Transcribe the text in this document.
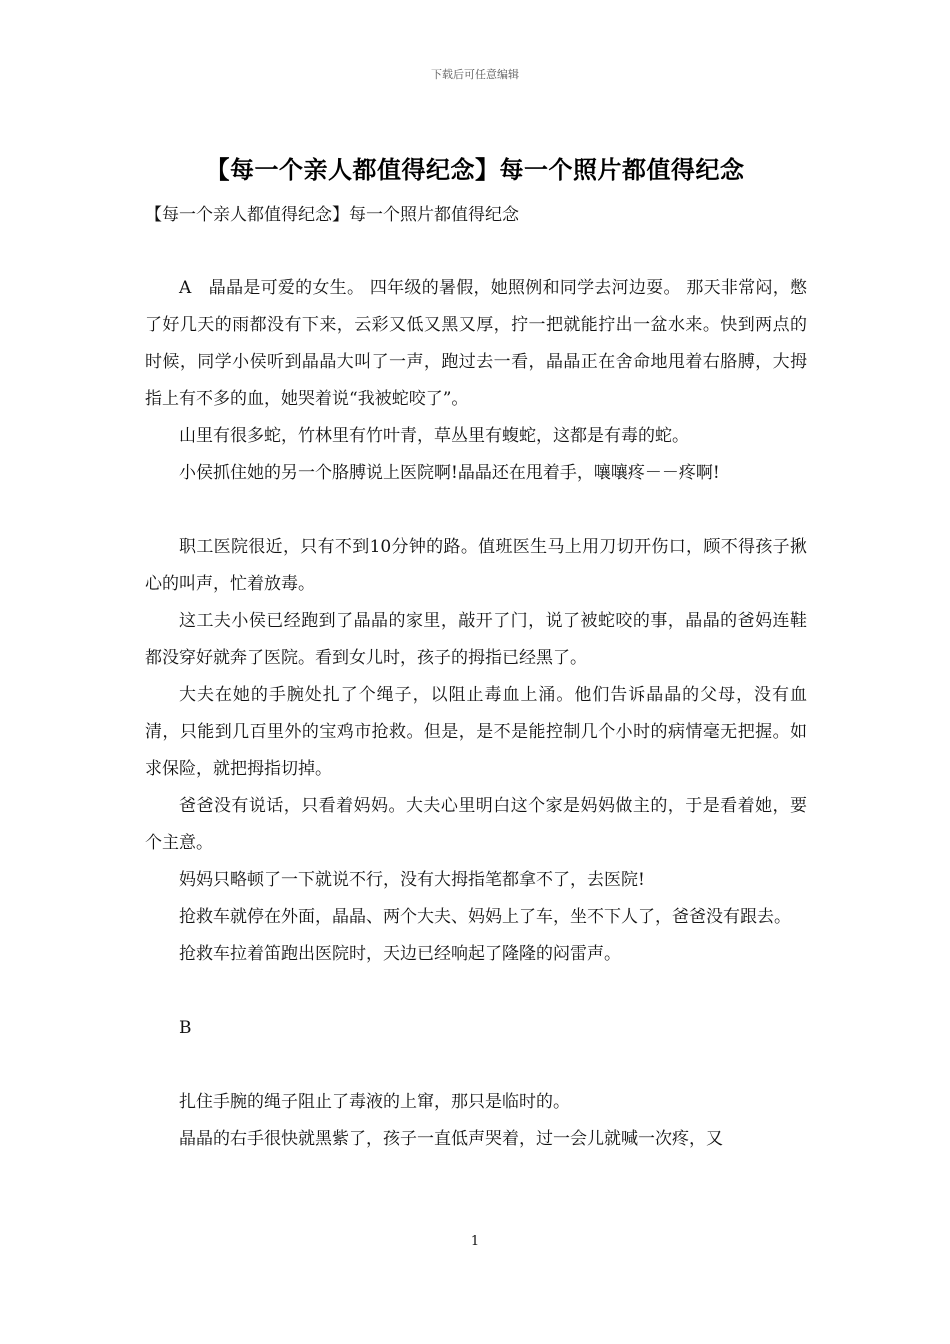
下载后可任意编辑
【每一个亲人都值得纪念】每一个照片都值得纪念
【每一个亲人都值得纪念】每一个照片都值得纪念

A　晶晶是可爱的女生。 四年级的暑假，她照例和同学去河边耍。 那天非常闷，憋了好几天的雨都没有下来，云彩又低又黑又厚，拧一把就能拧出一盆水来。快到两点的时候，同学小侯听到晶晶大叫了一声，跑过去一看，晶晶正在舍命地甩着右胳膊，大拇指上有不多的血，她哭着说“我被蛇咬了”。

山里有很多蛇，竹林里有竹叶青，草丛里有蝮蛇，这都是有毒的蛇。

小侯抓住她的另一个胳膊说上医院啊!晶晶还在甩着手，嚷嚷疼－－疼啊!

职工医院很近，只有不到10分钟的路。值班医生马上用刀切开伤口，顾不得孩子揪心的叫声，忙着放毒。

这工夫小侯已经跑到了晶晶的家里，敲开了门，说了被蛇咬的事，晶晶的爸妈连鞋都没穿好就奔了医院。看到女儿时，孩子的拇指已经黑了。

大夫在她的手腕处扎了个绳子，以阻止毒血上涌。他们告诉晶晶的父母，没有血清，只能到几百里外的宝鸡市抢救。但是，是不是能控制几个小时的病情毫无把握。如求保险，就把拇指切掉。

爸爸没有说话，只看着妈妈。大夫心里明白这个家是妈妈做主的，于是看着她，要个主意。

妈妈只略顿了一下就说不行，没有大拇指笔都拿不了，去医院!

抢救车就停在外面，晶晶、两个大夫、妈妈上了车，坐不下人了，爸爸没有跟去。

抢救车拉着笛跑出医院时，天边已经响起了隆隆的闷雷声。

B

扎住手腕的绳子阻止了毒液的上窜，那只是临时的。

晶晶的右手很快就黑紫了，孩子一直低声哭着，过一会儿就喊一次疼，又

1
